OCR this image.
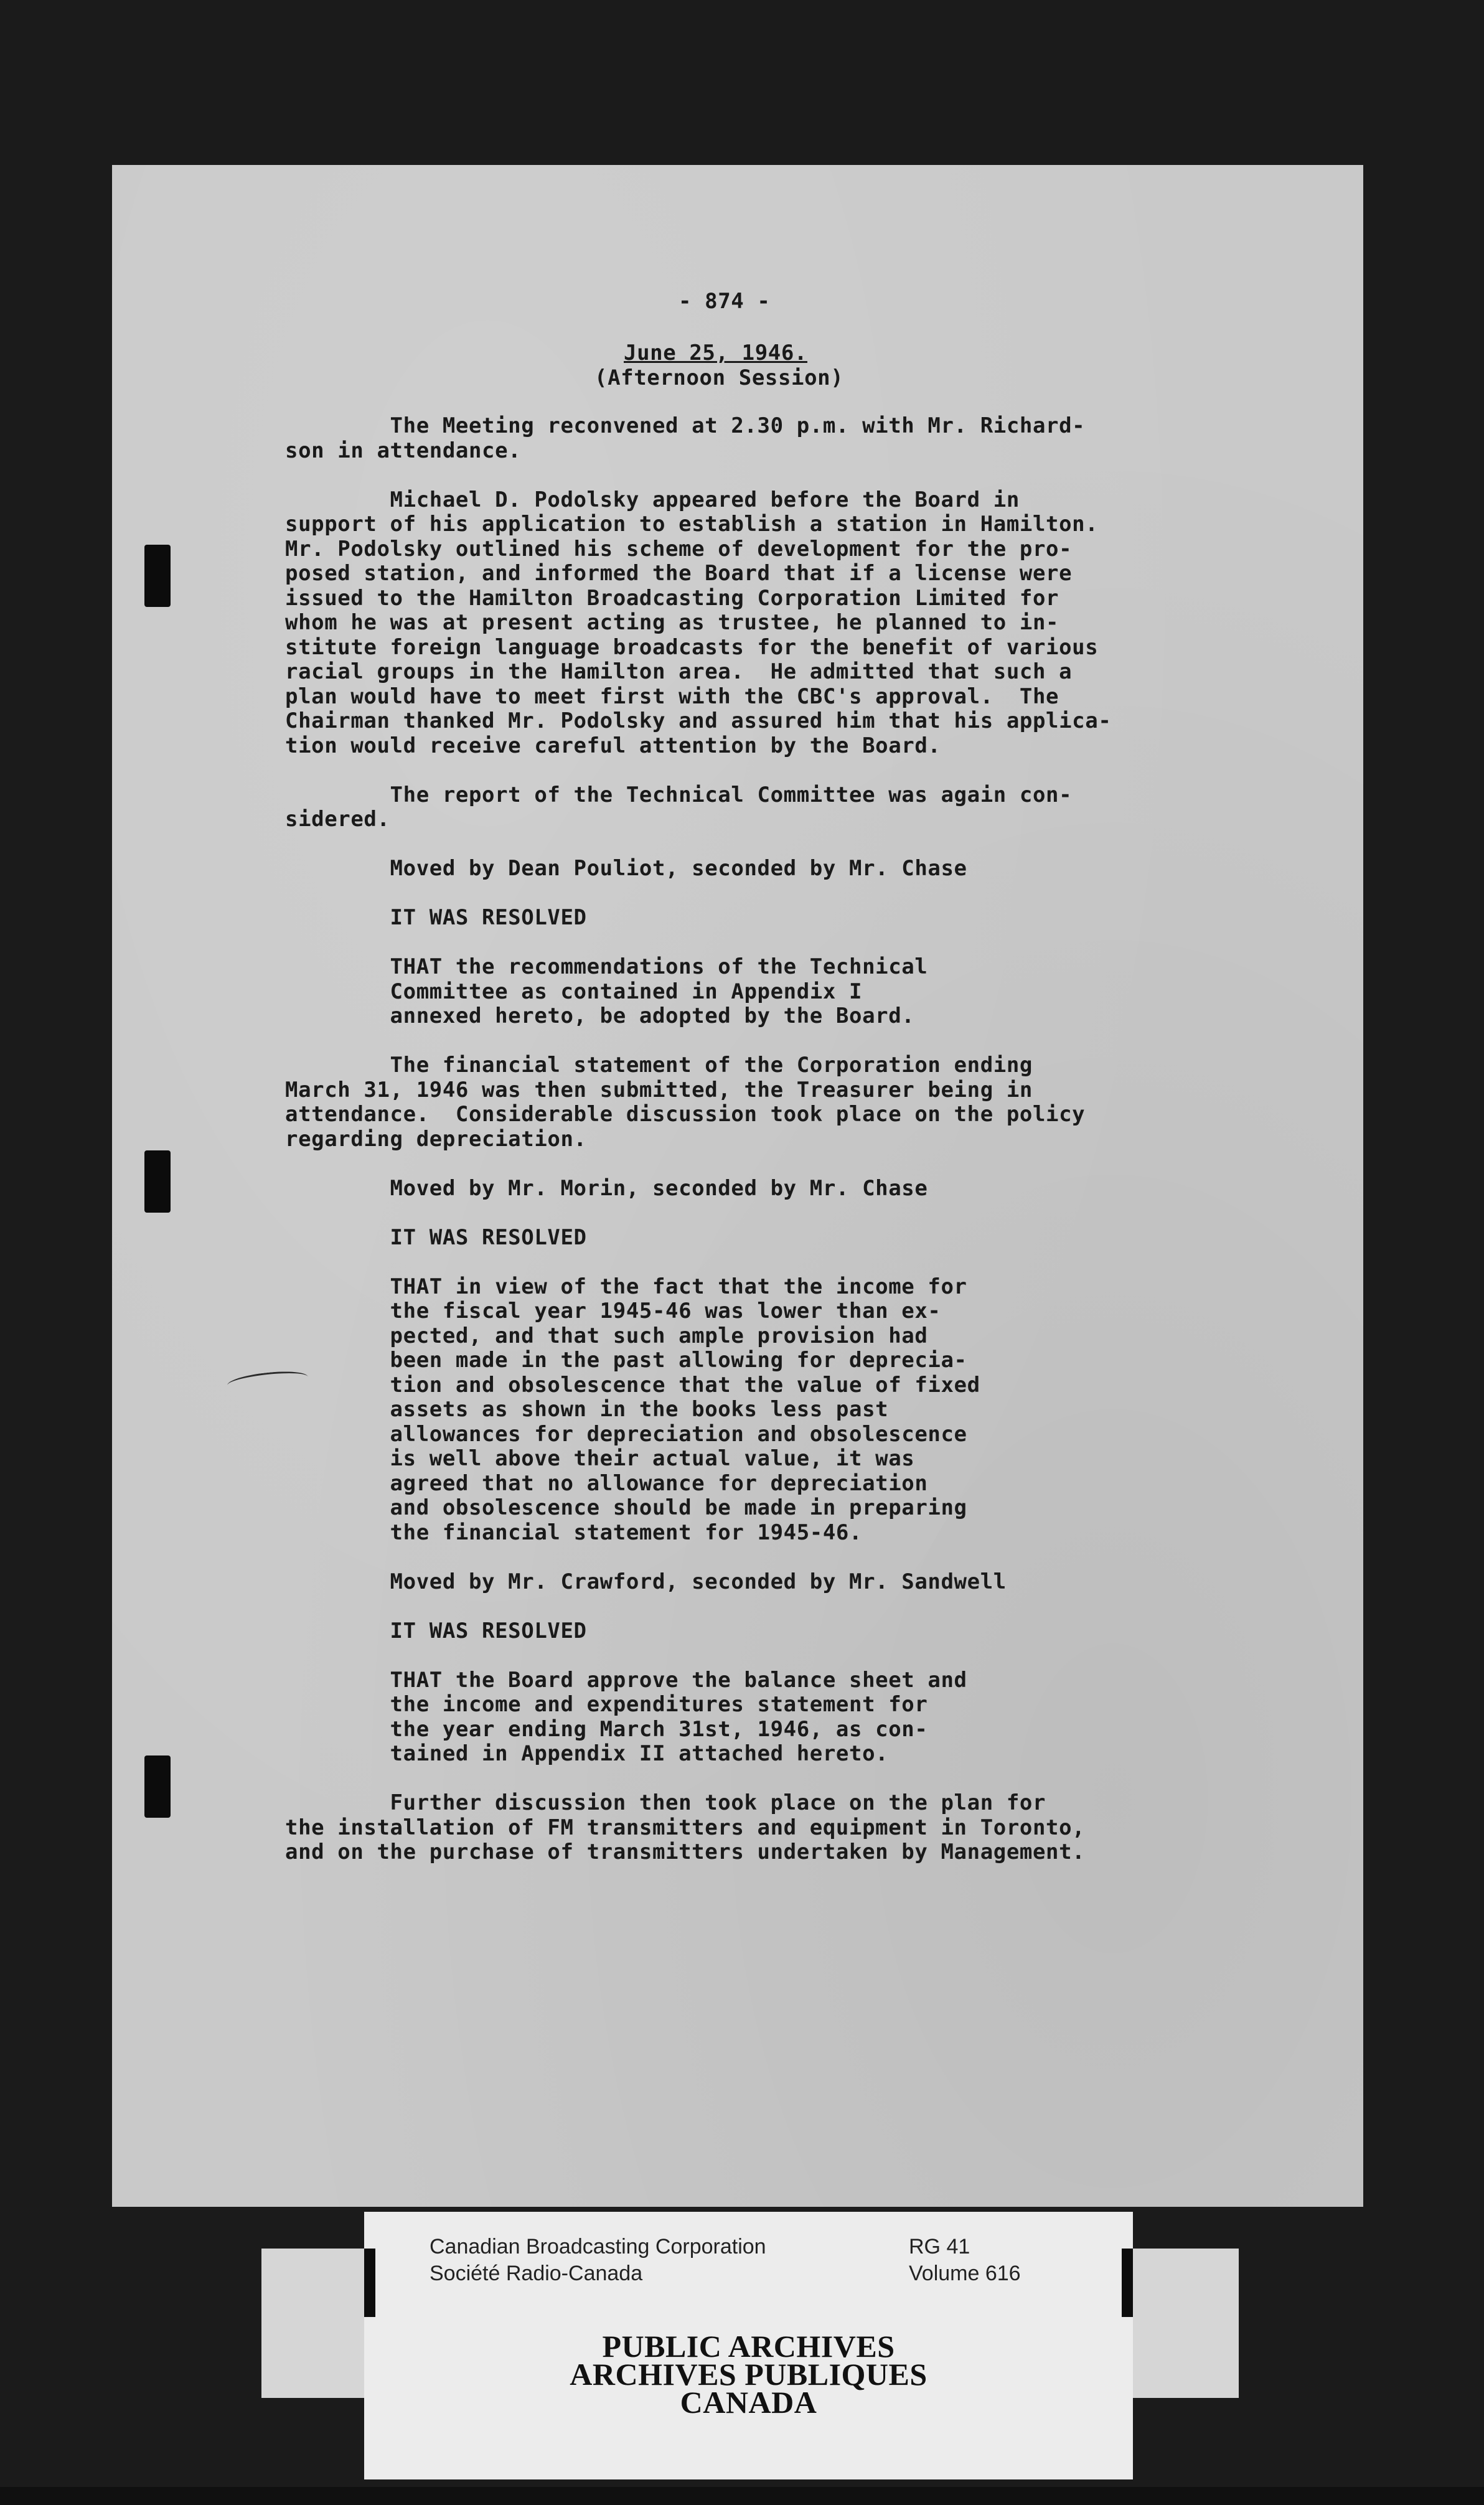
- 874 -
June 25, 1946.
(Afternoon Session)
The Meeting reconvened at 2.30 p.m. with Mr. Richard-
son in attendance.
Michael D. Podolsky appeared before the Board in
support of his application to establish a station in Hamilton.
Mr. Podolsky outlined his scheme of development for the pro-
posed station, and informed the Board that if a license were
issued to the Hamilton Broadcasting Corporation Limited for
whom he was at present acting as trustee, he planned to in-
stitute foreign language broadcasts for the benefit of various
racial groups in the Hamilton area.  He admitted that such a
plan would have to meet first with the CBC's approval.  The
Chairman thanked Mr. Podolsky and assured him that his applica-
tion would receive careful attention by the Board.
The report of the Technical Committee was again con-
sidered.
Moved by Dean Pouliot, seconded by Mr. Chase
IT WAS RESOLVED
THAT the recommendations of the Technical
Committee as contained in Appendix I
annexed hereto, be adopted by the Board.
The financial statement of the Corporation ending
March 31, 1946 was then submitted, the Treasurer being in
attendance.  Considerable discussion took place on the policy
regarding depreciation.
Moved by Mr. Morin, seconded by Mr. Chase
IT WAS RESOLVED
THAT in view of the fact that the income for
the fiscal year 1945-46 was lower than ex-
pected, and that such ample provision had
been made in the past allowing for deprecia-
tion and obsolescence that the value of fixed
assets as shown in the books less past
allowances for depreciation and obsolescence
is well above their actual value, it was
agreed that no allowance for depreciation
and obsolescence should be made in preparing
the financial statement for 1945-46.
Moved by Mr. Crawford, seconded by Mr. Sandwell
IT WAS RESOLVED
THAT the Board approve the balance sheet and
the income and expenditures statement for
the year ending March 31st, 1946, as con-
tained in Appendix II attached hereto.
Further discussion then took place on the plan for
the installation of FM transmitters and equipment in Toronto,
and on the purchase of transmitters undertaken by Management.
Canadian Broadcasting Corporation
Société Radio-Canada
RG 41
Volume 616
PUBLIC ARCHIVES
ARCHIVES PUBLIQUES
CANADA
